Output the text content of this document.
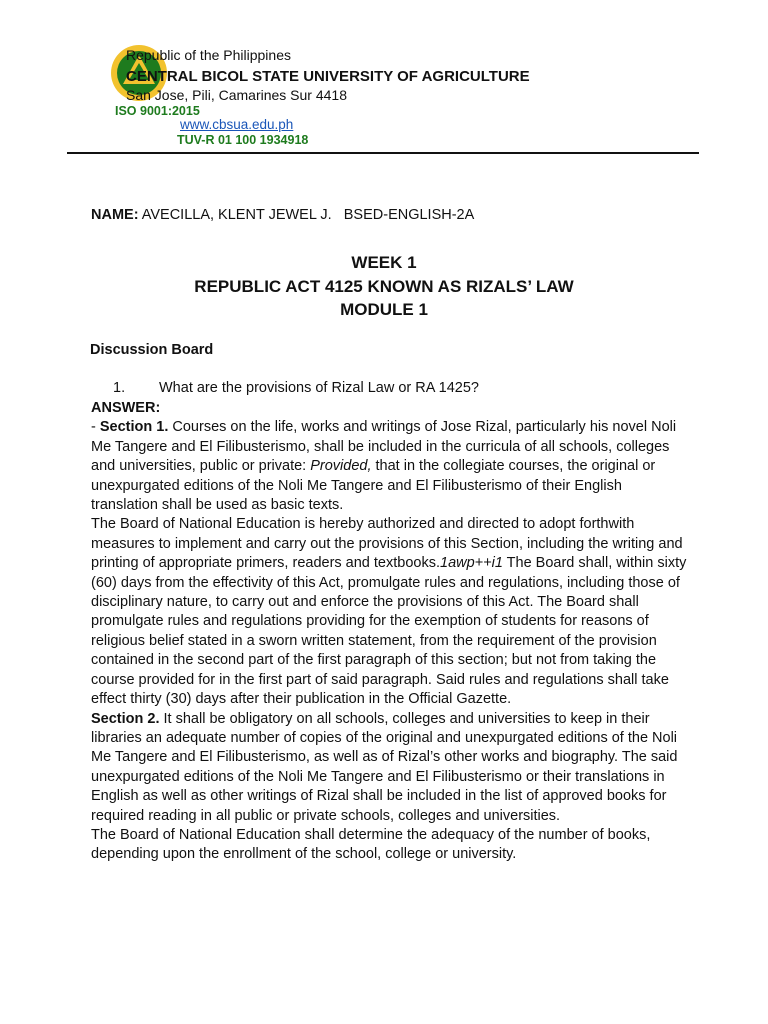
Republic of the Philippines
CENTRAL BICOL STATE UNIVERSITY OF AGRICULTURE
San Jose, Pili, Camarines Sur 4418
ISO 9001:2015
www.cbsua.edu.ph
TUV-R 01 100 1934918
NAME: AVECILLA, KLENT JEWEL J.   BSED-ENGLISH-2A
WEEK 1
REPUBLIC ACT 4125 KNOWN AS RIZALS’ LAW
MODULE 1
Discussion Board
1. What are the provisions of Rizal Law or RA 1425?

ANSWER:

- Section 1. Courses on the life, works and writings of Jose Rizal, particularly his novel Noli Me Tangere and El Filibusterismo, shall be included in the curricula of all schools, colleges and universities, public or private: Provided, that in the collegiate courses, the original or unexpurgated editions of the Noli Me Tangere and El Filibusterismo of their English translation shall be used as basic texts.

The Board of National Education is hereby authorized and directed to adopt forthwith measures to implement and carry out the provisions of this Section, including the writing and printing of appropriate primers, readers and textbooks.1awp++i1 The Board shall, within sixty (60) days from the effectivity of this Act, promulgate rules and regulations, including those of disciplinary nature, to carry out and enforce the provisions of this Act. The Board shall promulgate rules and regulations providing for the exemption of students for reasons of religious belief stated in a sworn written statement, from the requirement of the provision contained in the second part of the first paragraph of this section; but not from taking the course provided for in the first part of said paragraph. Said rules and regulations shall take effect thirty (30) days after their publication in the Official Gazette.

Section 2. It shall be obligatory on all schools, colleges and universities to keep in their libraries an adequate number of copies of the original and unexpurgated editions of the Noli Me Tangere and El Filibusterismo, as well as of Rizal’s other works and biography. The said unexpurgated editions of the Noli Me Tangere and El Filibusterismo or their translations in English as well as other writings of Rizal shall be included in the list of approved books for required reading in all public or private schools, colleges and universities.

The Board of National Education shall determine the adequacy of the number of books, depending upon the enrollment of the school, college or university.
